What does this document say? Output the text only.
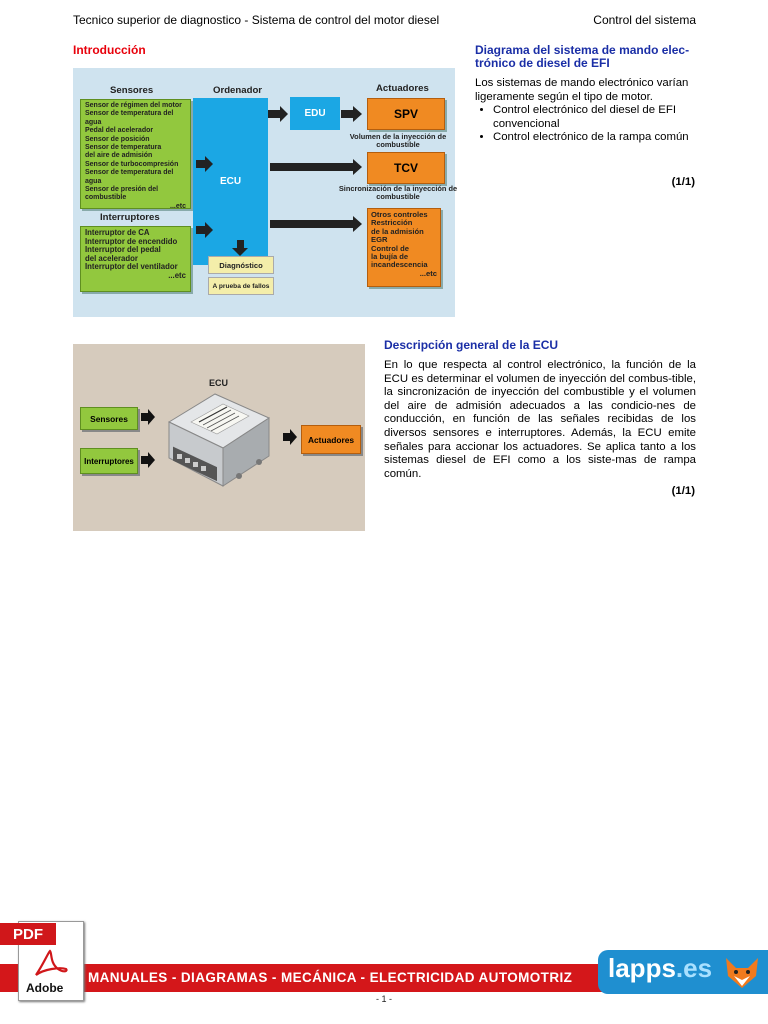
Tecnico superior de diagnostico - Sistema de control del motor diesel	Control del sistema
Introducción
Sensores	Ordenador	Actuadores
Sensor de régimen del motor
Sensor de temperatura del agua
Pedal del acelerador
Sensor de posición
Sensor de temperatura
del aire de admisión
Sensor de turbocompresión
Sensor de temperatura del agua
Sensor de presión del combustible
...etc
Interruptores
Interruptor de CA
Interruptor de encendido
Interruptor del pedal
del acelerador
Interruptor del ventilador
...etc
ECU
EDU	SPV
Volumen de la inyección de combustible
TCV
Sincronización de la inyección de combustible
Otros controles
Restricción
de la admisión
EGR
Control de
la bujía de
incandescencia
...etc
Diagnóstico
A prueba de fallos
Diagrama del sistema de mando elec-trónico de diesel de EFI
Los sistemas de mando electrónico varían ligeramente según el tipo de motor.
• Control electrónico del diesel de EFI convencional
• Control electrónico de la rampa común
(1/1)
ECU
Sensores
Interruptores
Actuadores
Descripción general de la ECU
En lo que respecta al control electrónico, la función de la ECU es determinar el volumen de inyección del combus-tible, la sincronización de inyección del combustible y el volumen del aire de admisión adecuados a las condicio-nes de conducción, en función de las señales recibidas de los diversos sensores e interruptores. Además, la ECU emite señales para accionar los actuadores. Se aplica tanto a los sistemas diesel de EFI como a los siste-mas de rampa común.
(1/1)
PDF
Adobe
MANUALES - DIAGRAMAS - MECÁNICA - ELECTRICIDAD AUTOMOTRIZ lapps.es
- 1 -
